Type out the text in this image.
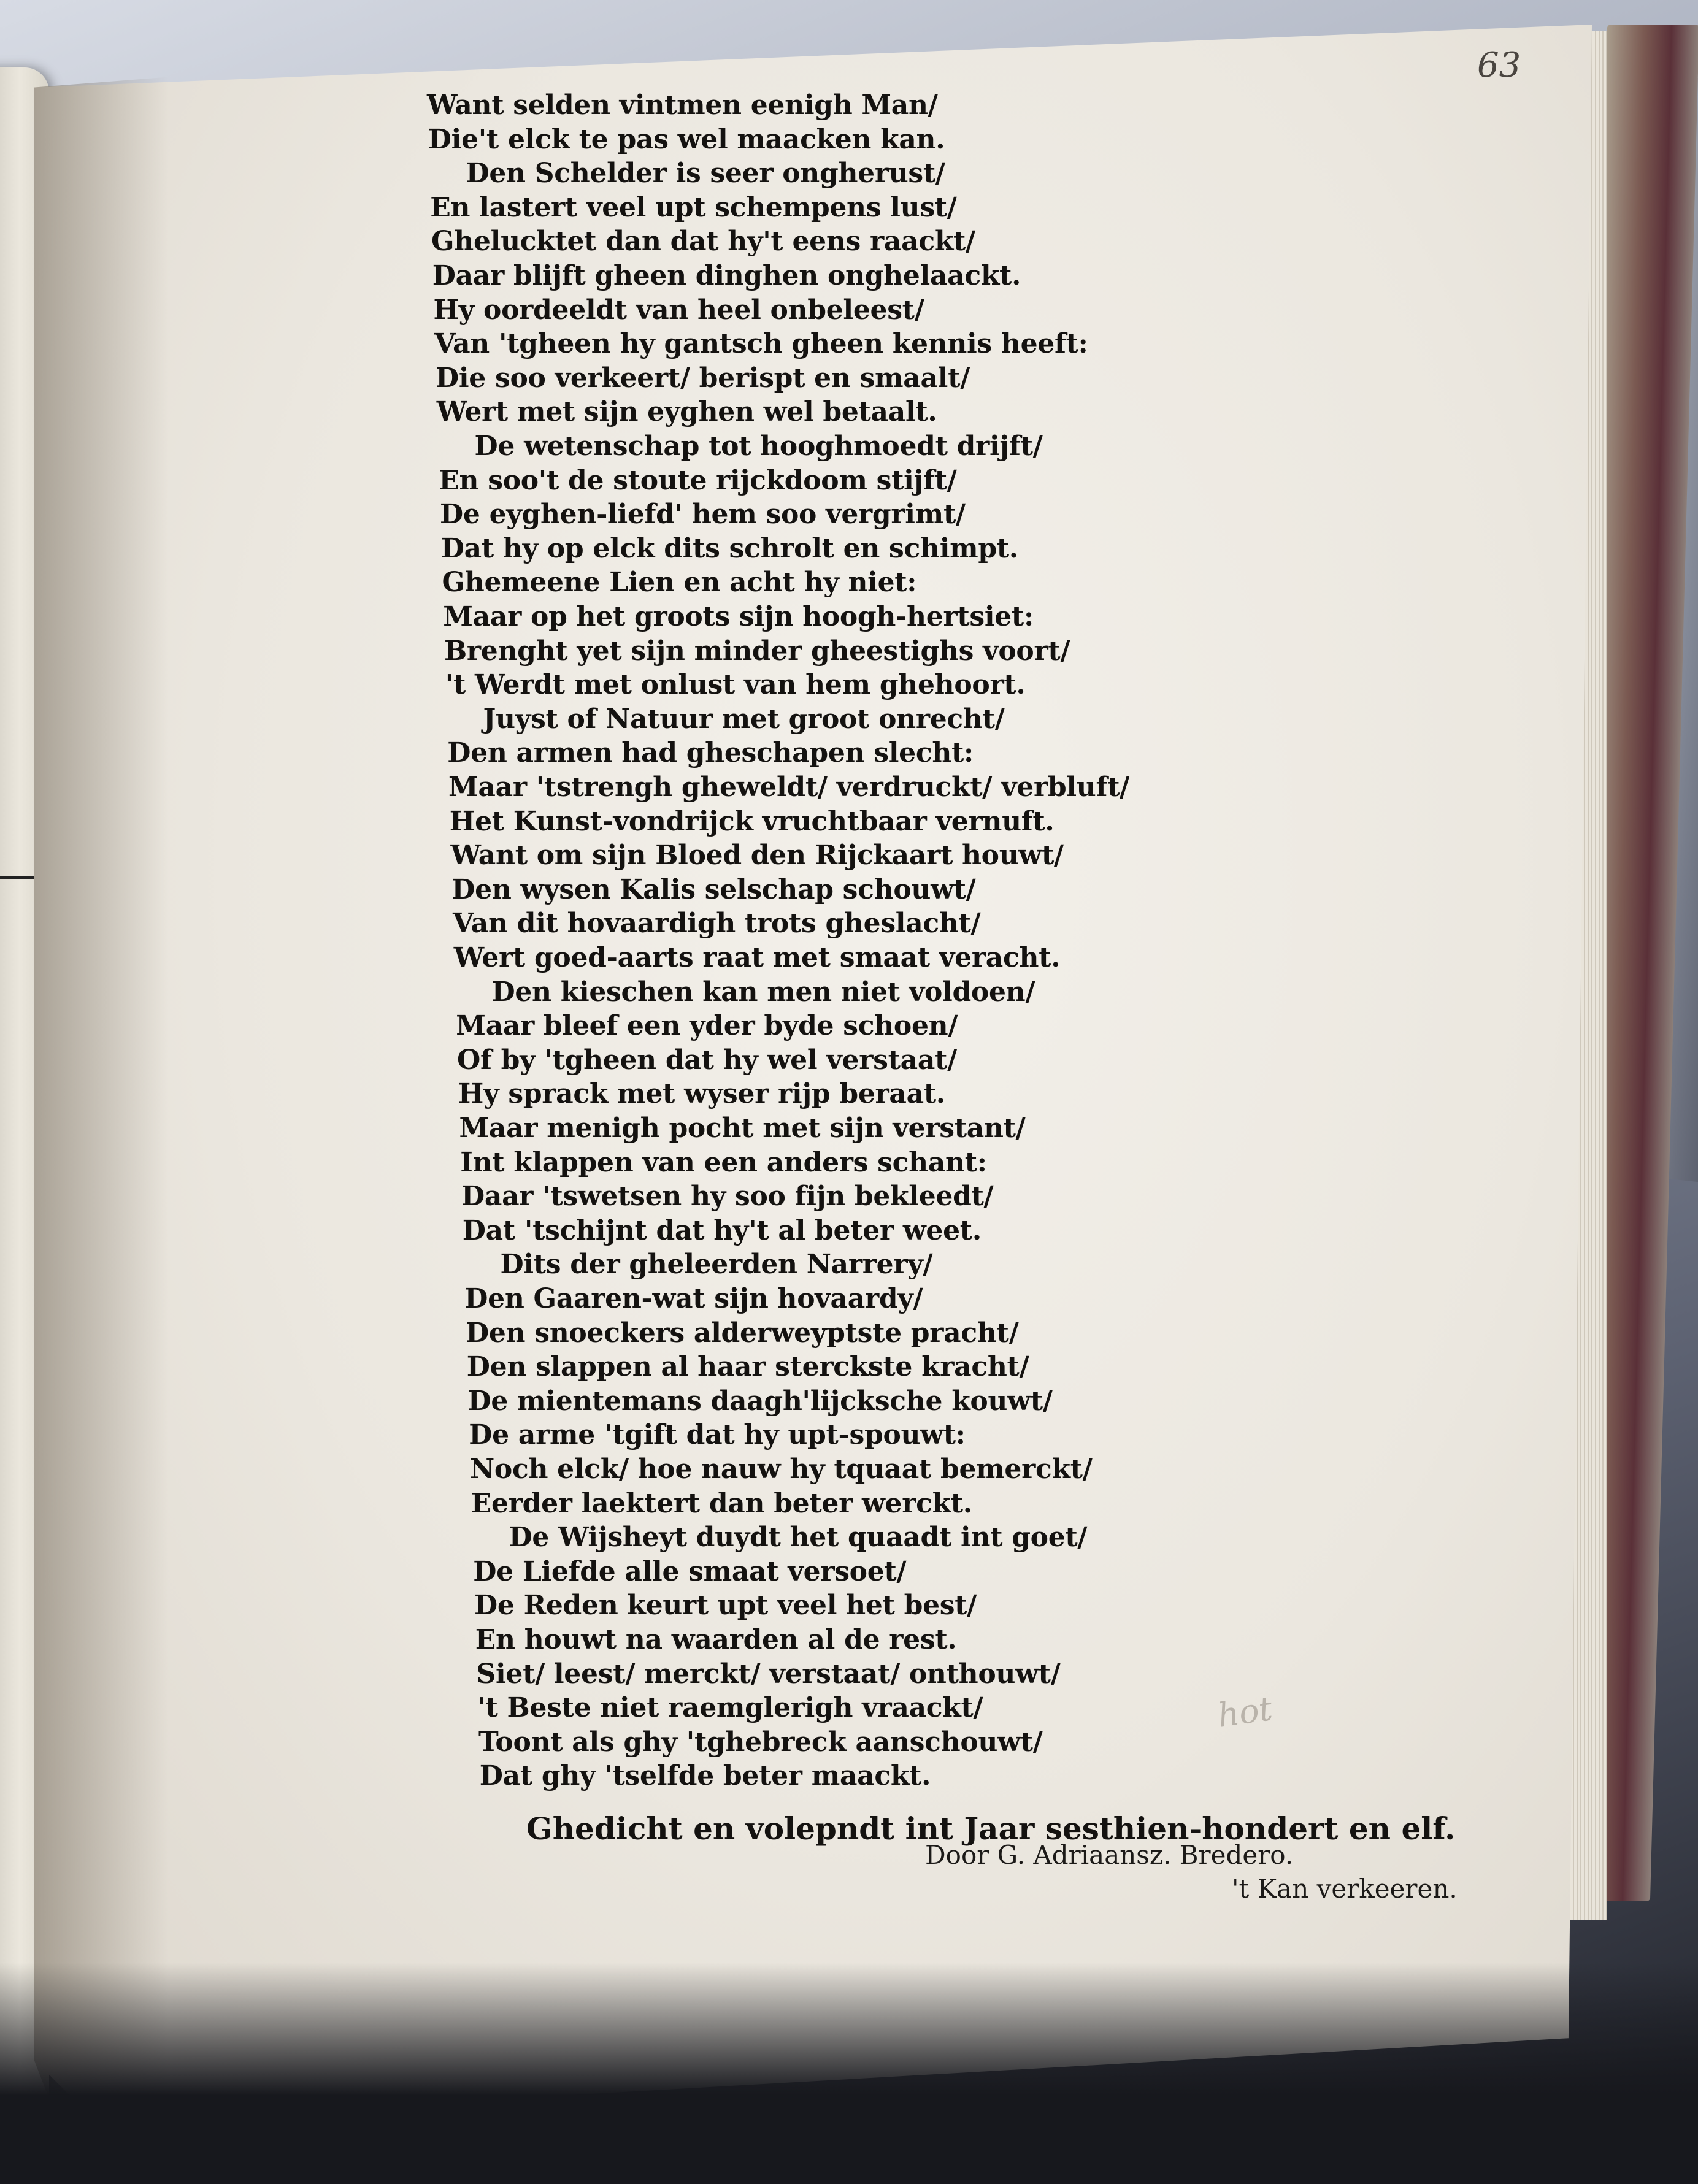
63
hot
Want selden vintmen eenigh Man/
Die't elck te pas wel maacken kan.
Den Schelder is seer ongherust/
En lastert veel upt schempens lust/
Ghelucktet dan dat hy't eens raackt/
Daar blijft gheen dinghen onghelaackt.
Hy oordeeldt van heel onbeleest/
Van 'tgheen hy gantsch gheen kennis heeft:
Die soo verkeert/ berispt en smaalt/
Wert met sijn eyghen wel betaalt.
De wetenschap tot hooghmoedt drijft/
En soo't de stoute rijckdoom stijft/
De eyghen-liefd' hem soo vergrimt/
Dat hy op elck dits schrolt en schimpt.
Ghemeene Lien en acht hy niet:
Maar op het groots sijn hoogh-hertsiet:
Brenght yet sijn minder gheestighs voort/
't Werdt met onlust van hem ghehoort.
Juyst of Natuur met groot onrecht/
Den armen had gheschapen slecht:
Maar 'tstrengh gheweldt/ verdruckt/ verbluft/
Het Kunst-vondrijck vruchtbaar vernuft.
Want om sijn Bloed den Rijckaart houwt/
Den wysen Kalis selschap schouwt/
Van dit hovaardigh trots gheslacht/
Wert goed-aarts raat met smaat veracht.
Den kieschen kan men niet voldoen/
Maar bleef een yder bydе schoen/
Of by 'tgheen dat hy wel verstaat/
Hy sprack met wyser rijp beraat.
Maar menigh pocht met sijn verstant/
Int klappen van een anders schant:
Daar 'tswetsen hy soo fijn bekleedt/
Dat 'tschijnt dat hy't al beter weet.
Dits der gheleerden Narrery/
Den Gaaren-wat sijn hovaardy/
Den snoeckers alderweyptste pracht/
Den slappen al haar sterckste kracht/
De mientemans daagh'lijcksche kouwt/
De arme 'tgift dat hy upt-spouwt:
Noch elck/ hoe nauw hy tquaat bemerckt/
Eerder laektert dan beter werckt.
De Wijsheyt duydt het quaadt int goet/
De Liefde alle smaat versoet/
De Reden keurt upt veel het best/
En houwt na waarden al de rest.
Siet/ leest/ merckt/ verstaat/ onthouwt/
't Beste niet raemglerigh vraackt/
Toont als ghy 'tghebreck aanschouwt/
Dat ghy 'tselfde beter maackt.
Ghedicht en volepndt int Jaar sesthien-hondert en elf.
Door G. Adriaansz. Bredero.
't Kan verkeeren.
